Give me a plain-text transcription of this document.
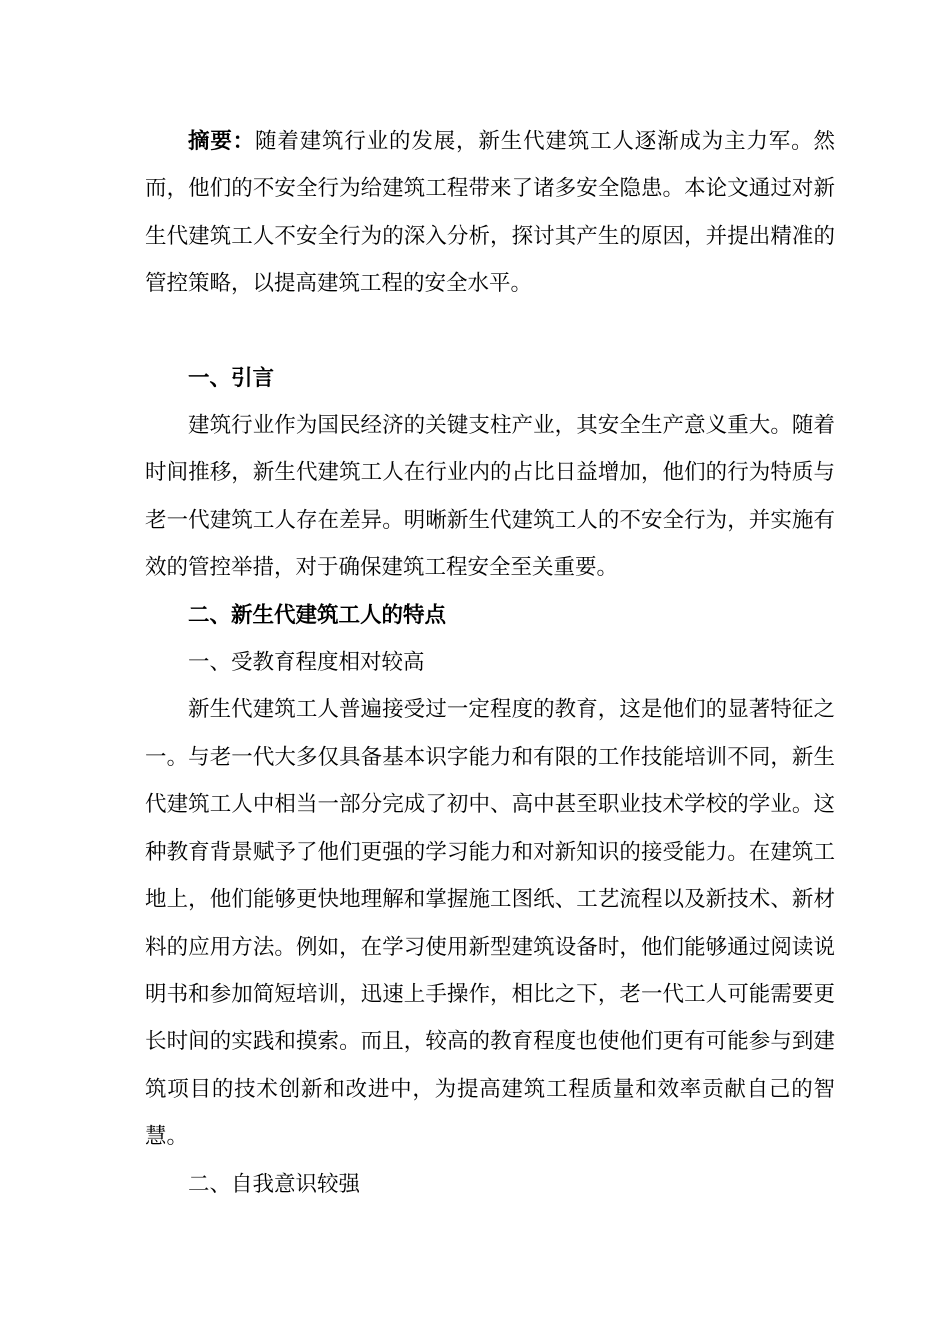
摘要：随着建筑行业的发展，新生代建筑工人逐渐成为主力军。然而，他们的不安全行为给建筑工程带来了诸多安全隐患。本论文通过对新生代建筑工人不安全行为的深入分析，探讨其产生的原因，并提出精准的管控策略，以提高建筑工程的安全水平。

一、引言

建筑行业作为国民经济的关键支柱产业，其安全生产意义重大。随着时间推移，新生代建筑工人在行业内的占比日益增加，他们的行为特质与老一代建筑工人存在差异。明晰新生代建筑工人的不安全行为，并实施有效的管控举措，对于确保建筑工程安全至关重要。

二、新生代建筑工人的特点

一、受教育程度相对较高

新生代建筑工人普遍接受过一定程度的教育，这是他们的显著特征之一。与老一代大多仅具备基本识字能力和有限的工作技能培训不同，新生代建筑工人中相当一部分完成了初中、高中甚至职业技术学校的学业。这种教育背景赋予了他们更强的学习能力和对新知识的接受能力。在建筑工地上，他们能够更快地理解和掌握施工图纸、工艺流程以及新技术、新材料的应用方法。例如，在学习使用新型建筑设备时，他们能够通过阅读说明书和参加简短培训，迅速上手操作，相比之下，老一代工人可能需要更长时间的实践和摸索。而且，较高的教育程度也使他们更有可能参与到建筑项目的技术创新和改进中，为提高建筑工程质量和效率贡献自己的智慧。

二、自我意识较强
